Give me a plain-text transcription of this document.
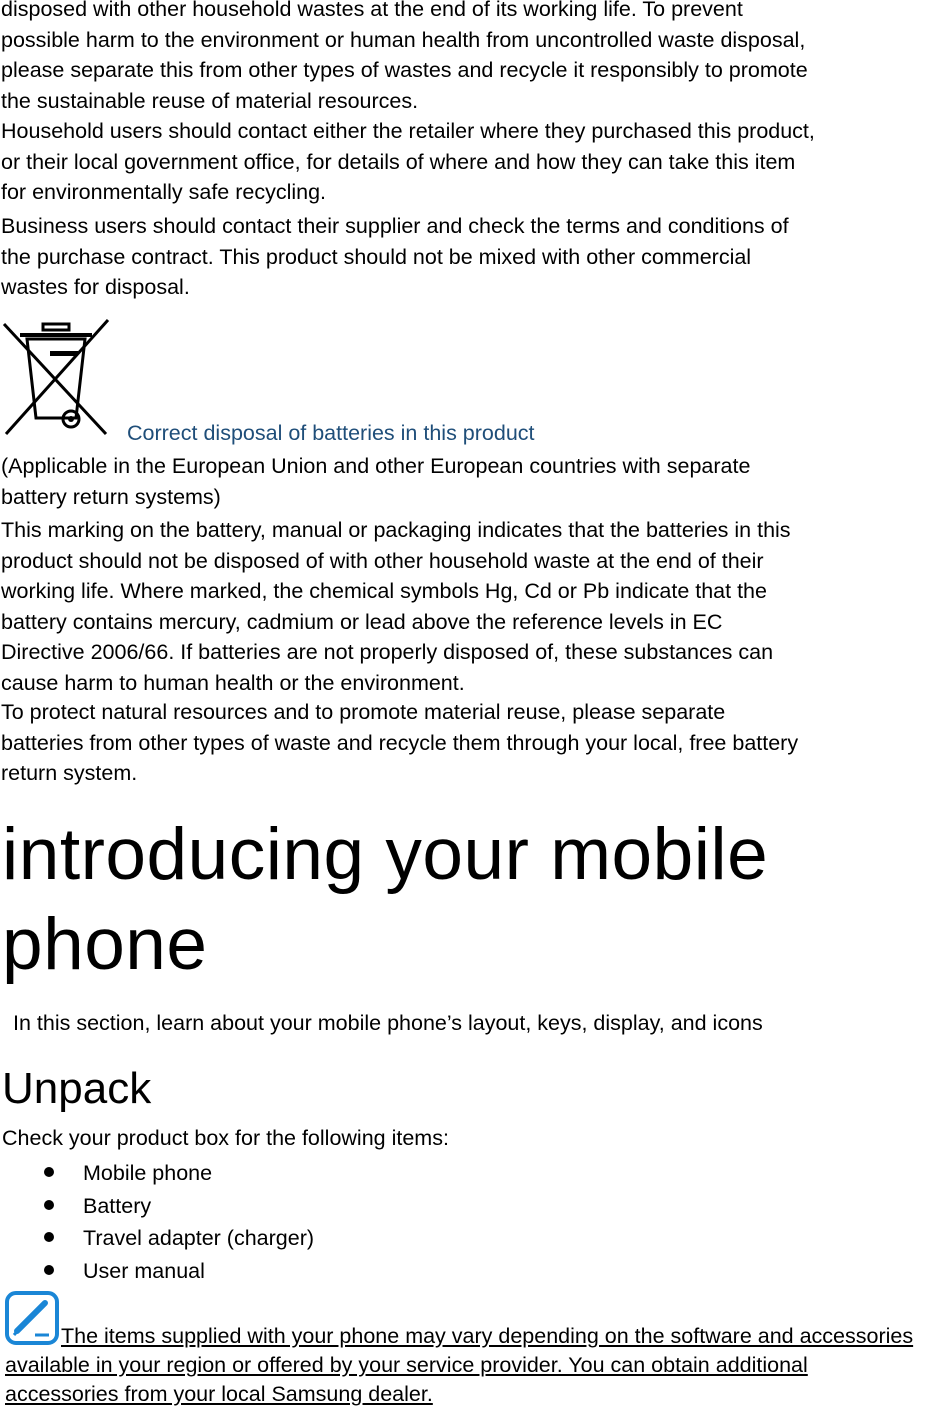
disposed with other household wastes at the end of its working life. To prevent
possible harm to the environment or human health from uncontrolled waste disposal,
please separate this from other types of wastes and recycle it responsibly to promote
the sustainable reuse of material resources.

Household users should contact either the retailer where they purchased this product,
or their local government office, for details of where and how they can take this item
for environmentally safe recycling.

Business users should contact their supplier and check the terms and conditions of
the purchase contract. This product should not be mixed with other commercial
wastes for disposal.

Correct disposal of batteries in this product

(Applicable in the European Union and other European countries with separate
battery return systems)

This marking on the battery, manual or packaging indicates that the batteries in this
product should not be disposed of with other household waste at the end of their
working life. Where marked, the chemical symbols Hg, Cd or Pb indicate that the
battery contains mercury, cadmium or lead above the reference levels in EC
Directive 2006/66. If batteries are not properly disposed of, these substances can
cause harm to human health or the environment.

To protect natural resources and to promote material reuse, please separate
batteries from other types of waste and recycle them through your local, free battery
return system.

introducing your mobile phone
In this section, learn about your mobile phone’s layout, keys, display, and icons
Unpack
Check your product box for the following items:
Mobile phone
Battery
Travel adapter (charger)
User manual

The items supplied with your phone may vary depending on the software and accessories available in your region or offered by your service provider. You can obtain additional accessories from your local Samsung dealer.
